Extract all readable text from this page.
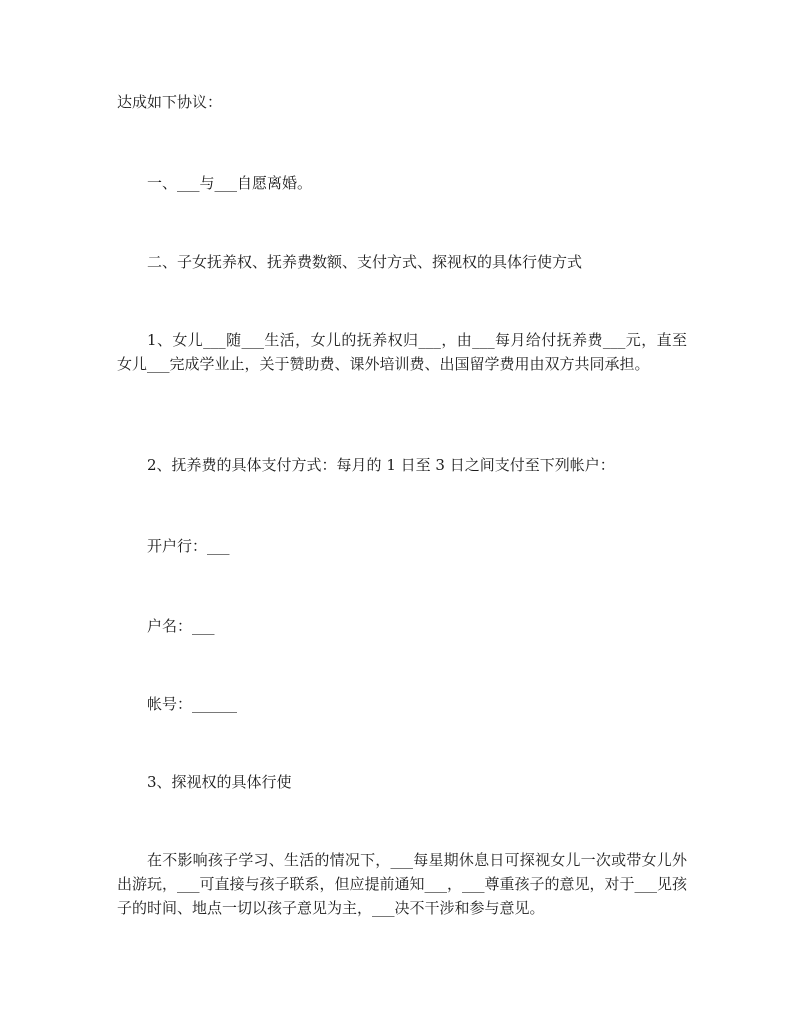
达成如下协议：
一、___与___自愿离婚。
二、子女抚养权、抚养费数额、支付方式、探视权的具体行使方式
1、女儿___随___生活，女儿的抚养权归___，由___每月给付抚养费___元，直至女儿___完成学业止，关于赞助费、课外培训费、出国留学费用由双方共同承担。
2、抚养费的具体支付方式：每月的 1 日至 3 日之间支付至下列帐户：
开户行：___
户名：___
帐号：______
3、探视权的具体行使
在不影响孩子学习、生活的情况下，___每星期休息日可探视女儿一次或带女儿外出游玩，___可直接与孩子联系，但应提前通知___，___尊重孩子的意见，对于___见孩子的时间、地点一切以孩子意见为主，___决不干涉和参与意见。
